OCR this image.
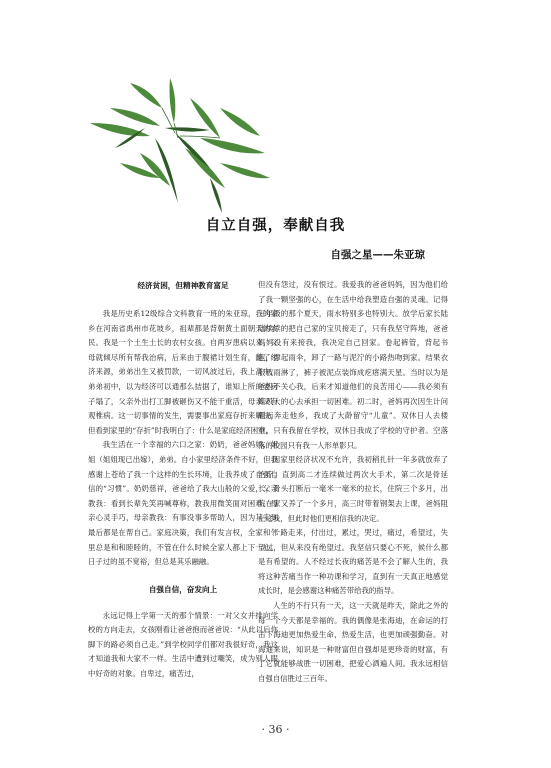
自立自强，奉献自我
自强之星——朱亚琼
经济贫困，但精神教育富足

我是历史系12级综合文科教育一班的朱亚琼，我的家乡在河南省禹州市花坡乡，祖辈都是背朝黄土面朝天的农民。我是一个土生土长的农村女孩。自两岁患病以来，父母就倾尽所有帮我治病，后来由于腹裙计划生育，翻了经济来源，弟弟出生又被罚款，一切风波过后，我上高中，弟弟初中，以为经济可以通那么拮据了，谁知上所的老房子塌了，父亲外出打工脚被砸伤又不能干重活，母亲又有观椎病。这一切事情的发生，需要事出家庭存折来解决，但看到家里的“存折”时我明白了：什么是家庭经济困难。

我生活在一个幸福的六口之家：奶奶，爸爸妈妈，姐姐（姐姐现已出嫁），弟弟。自小家里经济条件不好，但我感谢上苍给了我一个这样的生长环境，让我养成了自强自信的“习惯”。奶奶慈祥，爸爸给了我大山般的父爱，父亲教我：看到长辈先笑再喊尊称，教我用微笑面对困难。母亲心灵手巧，母亲教我：有事没事多帮助人，因为其实到最后都是在帮自己。家庭决策，我们有发言权，全家和邻里总是和和睦睦的，不管在什么时候全家人都上下一心。日子过的虽不宽裕，但总是其乐融融。

自强自信，奋发向上

永远记得上学第一天的那个情景：一对父女并排向学校的方向走去，女孩刚看让爸爸抱而爸爸说：“从此以后你脚下的路必须自己走。”到学校同学们都对我很好奇，我这才知道我和大家不一样。生活中遭到过嘲笑，成为别人眼中好奇的对象。自卑过，痛苦过，

但没有怨过，没有恨过。我爱我的爸爸妈妈，因为他们给了我一颗坚强的心，在生活中给我塑造自强的灵魂。记得三年级的那个夏天，雨水特别多也特别大。放学后家长陆陆续续的把自己家的宝贝接走了，只有我坚守阵地，爸爸妈妈没有来接我，我决定自己回家。卷起裤管，背起书包，撑起雨伞，卸了一路与泥泞的小路热吻到家。结果衣服被雨淋了，裤子被泥点装饰成疙瘩满天星。当时以为是爸妈不关心我，后来才知道他们的良苦用心——我必须有蝶风大的心去承担一切困难。初二时，爸妈再次因生计问题而奔走他乡，我成了大龄留守“儿童”。双休日人去楼空，只有我留在学校，双休日我成了学校的守护者。空落落的校园只有我一人形单影只。

因家里经济状况不允许，我初稍扎针一年多就放弃了治疗，直到高二才连续做过两次大手术，第二次是骨延长，骨头打断后一毫米一毫米的拉长，住院三个多月，出院在家又养了一个多月，高三时带着钢架去上课，爸妈阻止过我，但此时他们更相信我的决定。

一路走来，付出过，累过，哭过，痛过，希望过，失望过，但从来没有绝望过。我坚信只要心不死，候什么都是有希望的。人不经过长夜的痛苦是不会了解人生的，我将这种苦痛当作一种功课和学习，直到有一天真正地感觉成长时，是会感谢这种痛苦带给我的指导。

人生的不行只有一天，这一天就是昨天，除此之外的每一个今天都是幸福的。我的偶像是张海迪，在命运的打击下海迪更加热爱生命，热爱生活，也更加顽强勤奋。对海迪来说，知识是一种财富但自强却是更珍奇的财富，有了它就能够战胜一切困难，把爱心洒遍人间。我永远相信自强自信胜过三百年。

· 36 ·
